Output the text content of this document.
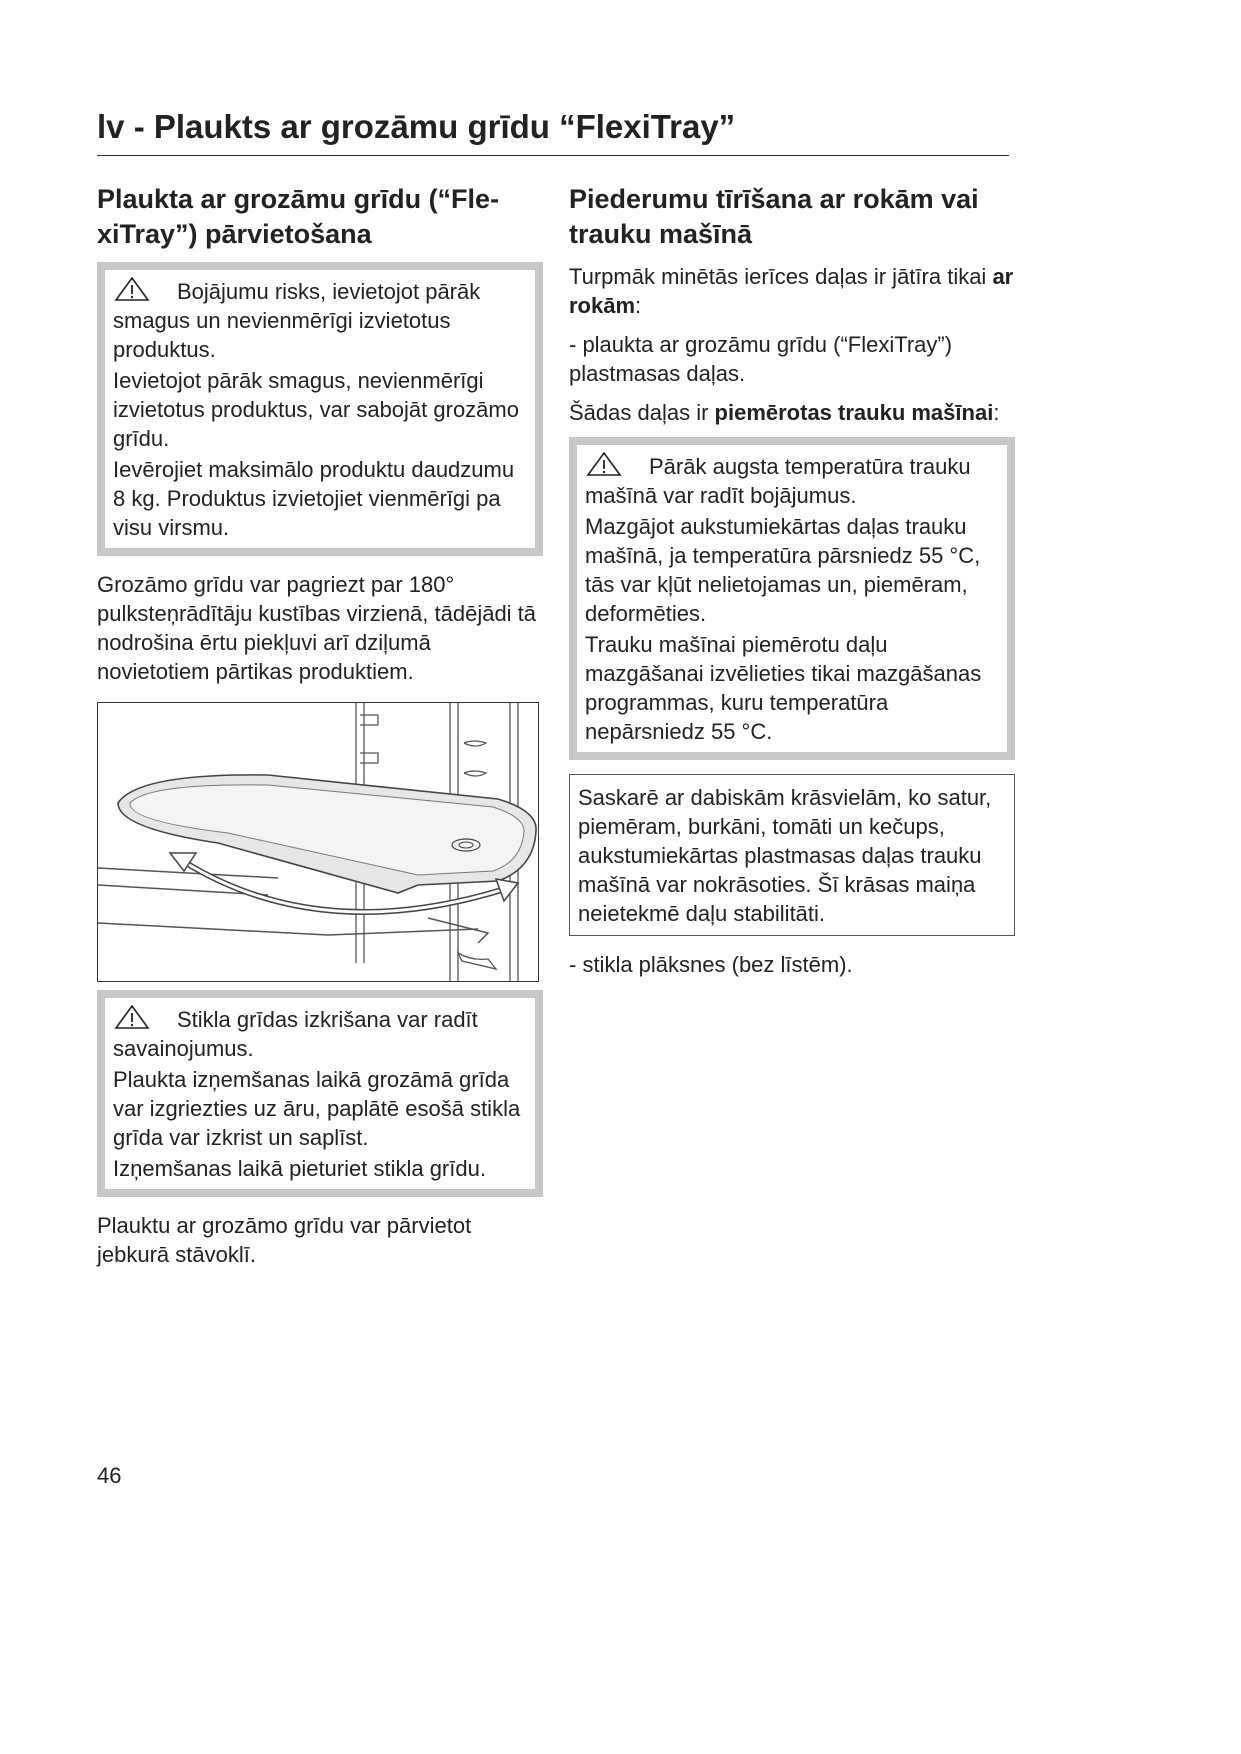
lv - Plaukts ar grozāmu grīdu “FlexiTray”
Plaukta ar grozāmu grīdu (“FlexiTray”) pārvietošana

Bojājumu risks, ievietojot pārāk smagus un nevienmērīgi izvietotus produktus.

Ievietojot pārāk smagus, nevienmērīgi izvietotus produktus, var sabojāt grozāmo grīdu.

Ievērojiet maksimālo produktu daudzumu 8 kg. Produktus izvietojiet vienmērīgi pa visu virsmu.

Grozāmo grīdu var pagriezt par 180° pulksteņrādītāju kustības virzienā, tādējādi tā nodrošina ērtu piekļuvi arī dziļumā novietotiem pārtikas produktiem.

Stikla grīdas izkrišana var radīt savainojumus.

Plaukta izņemšanas laikā grozāmā grīda var izgriezties uz āru, paplātē esošā stikla grīda var izkrist un saplīst.

Izņemšanas laikā pieturiet stikla grīdu.

Plauktu ar grozāmo grīdu var pārvietot jebkurā stāvoklī.

Piederumu tīrīšana ar rokām vai trauku mašīnā

Turpmāk minētās ierīces daļas ir jātīra tikai ar rokām:

- plaukta ar grozāmu grīdu (“FlexiTray”) plastmasas daļas.

Šādas daļas ir piemērotas trauku mašīnai:

Pārāk augsta temperatūra trauku mašīnā var radīt bojājumus.

Mazgājot aukstumiekārtas daļas trauku mašīnā, ja temperatūra pārsniedz 55 °C, tās var kļūt nelietojamas un, piemēram, deformēties.

Trauku mašīnai piemērotu daļu mazgāšanai izvēlieties tikai mazgāšanas programmas, kuru temperatūra nepārsniedz 55 °C.

Saskarē ar dabiskām krāsvielām, ko satur, piemēram, burkāni, tomāti un kečups, aukstumiekārtas plastmasas daļas trauku mašīnā var nokrāsoties. Šī krāsas maiņa neietekmē daļu stabilitāti.

- stikla plāksnes (bez līstēm).

46
